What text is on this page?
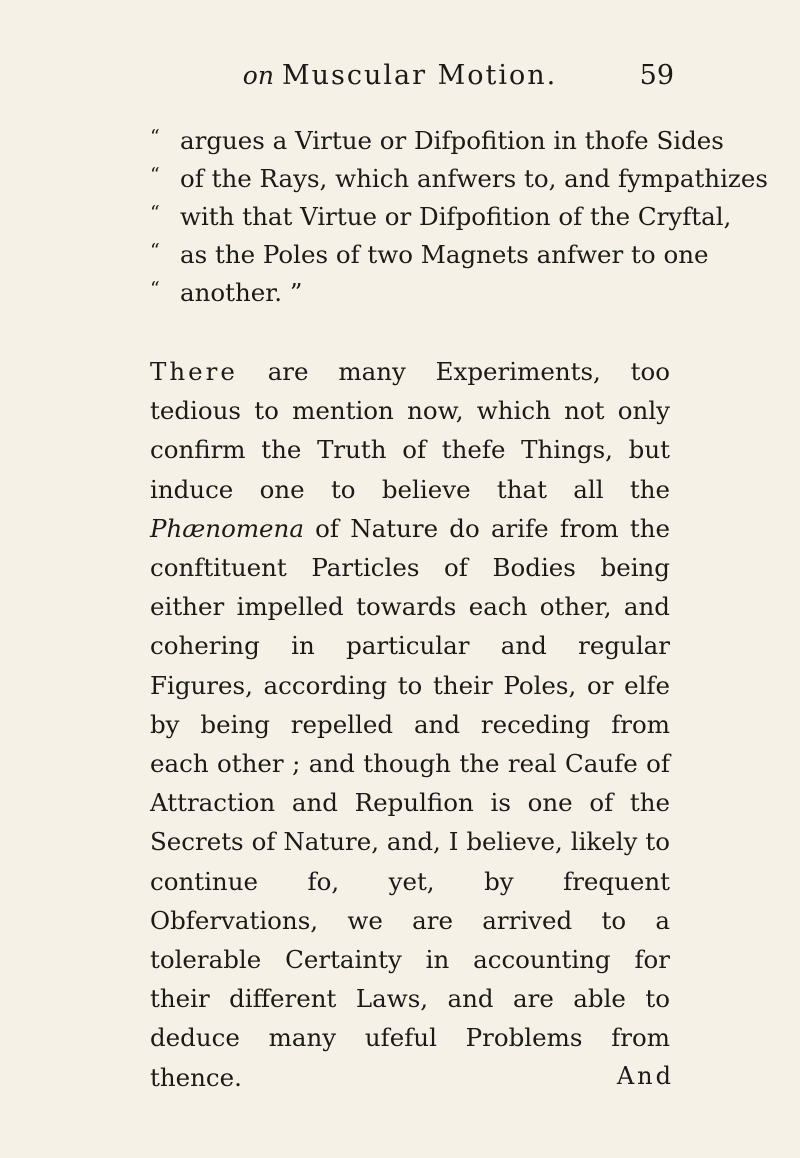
on Muscular Motion.	59
“ argues a Virtue or Difpofition in thofe Sides
“ of the Rays, which anfwers to, and fympathizes
“ with that Virtue or Difpofition of the Cryftal,
“ as the Poles of two Magnets anfwer to one
“ another. ”

There are many Experiments, too tedious to mention now, which not only confirm the Truth of thefe Things, but induce one to believe that all the Phænomena of Nature do arife from the conftituent Particles of Bodies being either impelled towards each other, and cohering in particular and regular Figures, according to their Poles, or elfe by being repelled and receding from each other ; and though the real Caufe of Attraction and Repulfion is one of the Secrets of Nature, and, I believe, likely to continue fo, yet, by frequent Obfervations, we are arrived to a tolerable Certainty in accounting for their different Laws, and are able to deduce many ufeful Problems from thence.	And
